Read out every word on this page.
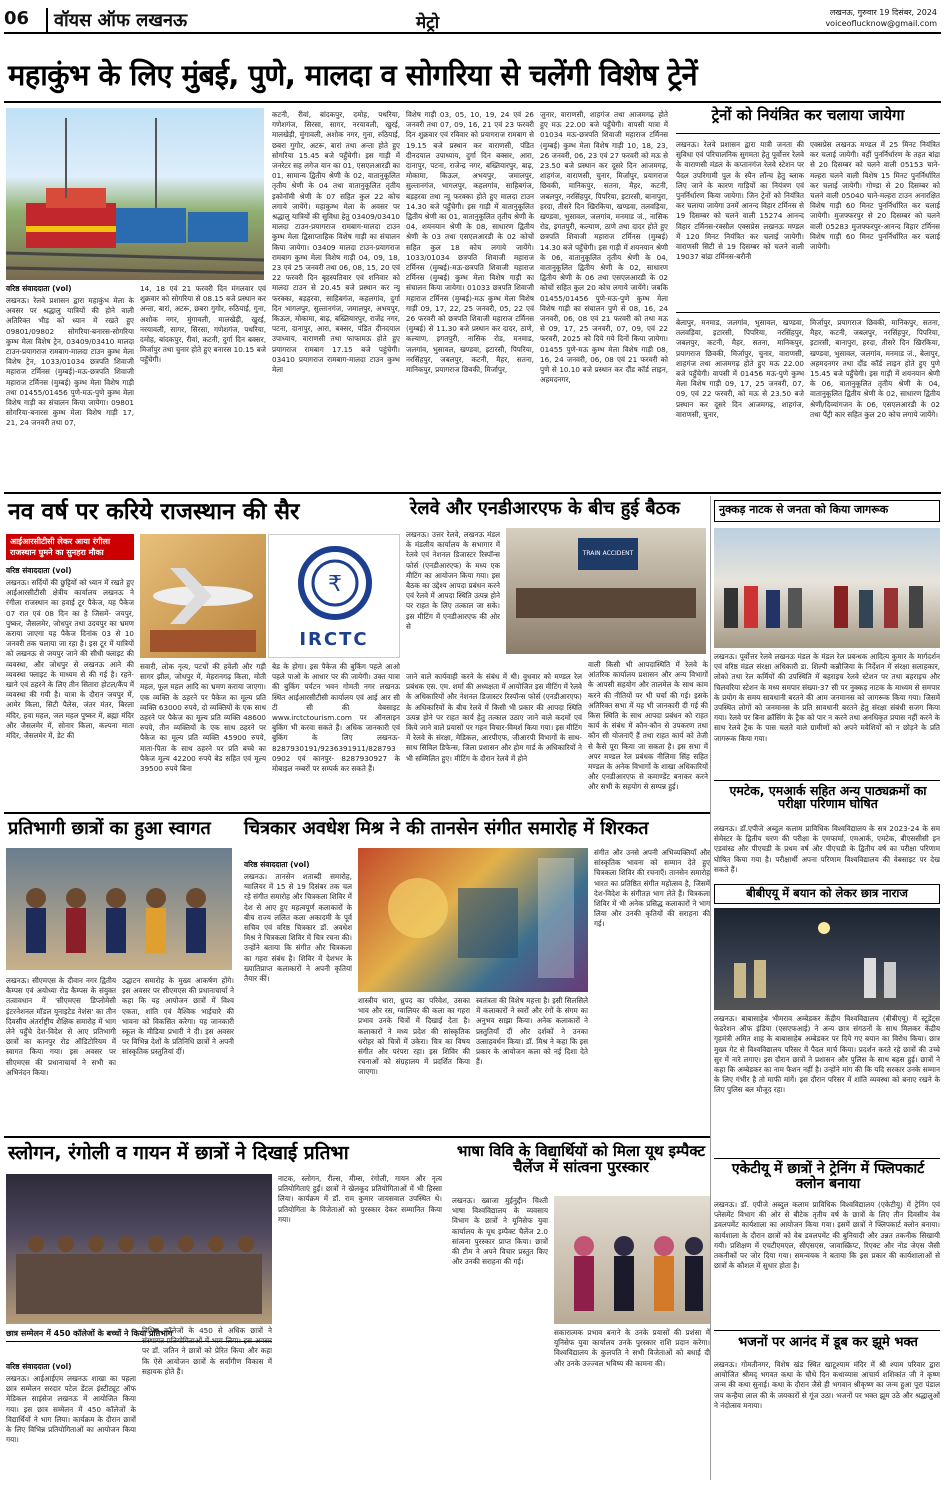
06	वॉयस ऑफ लखनऊ	मेट्रो
लखनऊ, गुरुवार 19 दिसंबर, 2024
voiceoflucknow@gmail.com
महाकुंभ के लिए मुंबई, पुणे, मालदा व सोगरिया से चलेंगी विशेष ट्रेनें
वरिष्ठ संवाददाता (vol)
लखनऊ। रेलवे प्रशासन द्वारा महाकुंभ मेला के अवसर पर श्रद्धालु यात्रियों की होने वाली अतिरिक्त भीड़ को ध्यान में रखते हुए 09801/09802 सोगरिया-बनारस-सोगरिया कुम्भ मेला विशेष ट्रेन, 03409/03410 मालदा टाउन-प्रयागराज रामबाग-मालदा टाउन कुम्भ मेला विशेष ट्रेन, 1033/01034 छत्रपति शिवाजी महाराज टर्मिनस (मुम्बई)-मऊ-छत्रपति शिवाजी महाराज टर्मिनस (मुम्बई) कुम्भ मेला विशेष गाड़ी तथा 01455/01456 पुणे-मऊ-पुणे कुम्भ मेला विशेष गाड़ी का संचालन किया जायेगा। 09801 सोगरिया-बनारस कुम्भ मेला विशेष गाड़ी 17, 21, 24 जनवरी तथा 07,
14, 18 एवं 21 फरवरी दिन मंगलवार एवं शुक्रवार को सोगरिया से 08.15 बजे प्रस्थान कर अन्ता, बारां, अटरू, छबरा गुगोर, रुठियाई, गुना, अशोक नगर, मुंगावली, मालखेड़ी, खुरई, नरयावली, सागर, सिरसा, गणेशगंज, पथरिया, दमोह, बांदकपुर, रीवां, कटनी, दुर्गा दिन बक्सर, मिर्जापुर तथा चुनार होते हुए बनारस 10.15 बजे पहुँचेगी।
कटनी, रीवां, बांदकपुर, दमोह, पथरिया, गणेशगंज, सिरसा, सागर, नरयावली, खुरई, मालखेड़ी, मुंगावली, अशोक नगर, गुना, रुठियाई, छबरा गुगोर, अटरू, बारां तथा अन्ता होते हुए सोगरिया 15.45 बजे पहुँचेगी। इस गाड़ी में जनरेटर सह लगेज यान का 01, एसएलआरडी का 01, सामान्य द्वितीय श्रेणी के 02, वातानुकूलित तृतीय श्रेणी के 04 तथा वातानुकूलित तृतीय इकोनॉमी श्रेणी के 07 सहित कुल 22 कोच लगाये जायेंगे। महाकुम्भ मेला के अवसर पर श्रद्धालु यात्रियों की सुविधा हेतु 03409/03410 मालदा टाउन-प्रयागराज रामबाग-मालदा टाउन कुम्भ मेला द्विसाप्ताहिक विशेष गाड़ी का संचालन किया जायेगा। 03409 मालदा टाउन-प्रयागराज रामबाग कुम्भ मेला विशेष गाड़ी 04, 09, 18, 23 एवं 25 जनवरी तथा 06, 08, 15, 20 एवं 22 फरवरी दिन बृहस्पतिवार एवं शनिवार को मालदा टाउन से 20.45 बजे प्रस्थान कर न्यू फरक्का, बड़हरवा, साहिबगंज, कहलगांव, दुर्गा दिन भागलपुर, सुल्तानगंज, जमालपुर, अभयपुर, किऊल, मोकामा, बाढ़, बख्तियारपुर, राजेंद्र नगर, पटना, दानापुर, आरा, बक्सर, पंडित दीनदयाल उपाध्याय, वाराणसी तथा फाफामऊ होते हुए प्रयागराज रामबाग 17.15 बजे पहुंचेगी। 03410 प्रयागराज रामबाग-मालदा टाउन कुम्भ मेला
विशेष गाड़ी 03, 05, 10, 19, 24 एवं 26 जनवरी तथा 07, 09, 16, 21 एवं 23 फरवरी दिन शुक्रवार एवं रविवार को प्रयागराज रामबाग से 19.15 बजे प्रस्थान कर वाराणसी, पंडित दीनदयाल उपाध्याय, दुर्गा दिन बक्सर, आरा, दानापुर, पटना, राजेन्द्र नगर, बख्तियारपुर, बाढ़, मोकामा, किऊल, अभयपुर, जमालपुर, सुल्तानगंज, भागलपुर, कहलगांव, साहिबगंज, बड़हरवा तथा न्यू फरक्का होते हुए मालदा टाउन 14.30 बजे पहुँचेगी। इस गाड़ी में वातानुकूलित द्वितीय श्रेणी का 01, वातानुकूलित तृतीय श्रेणी के 04, शयनयान श्रेणी के 08, साधारण द्वितीय श्रेणी के 03 तथा एसएलआरडी के 02 कोचों सहित कुल 18 कोच लगाये जायेंगे। 1033/01034 छत्रपति शिवाजी महाराज टर्मिनस (मुम्बई)-मऊ-छत्रपति शिवाजी महाराज टर्मिनस (मुम्बई) कुम्भ मेला विशेष गाड़ी का संचालन किया जायेगा। 01033 छत्रपति शिवाजी महाराज टर्मिनस (मुम्बई)-मऊ कुम्भ मेला विशेष गाड़ी 09, 17, 22, 25 जनवरी, 05, 22 एवं 26 फरवरी को छत्रपति शिवाजी महाराज टर्मिनस (मुम्बई) से 11.30 बजे प्रस्थान कर दादर, ठाणे, कल्याण, इगतपुरी, नासिक रोड, मनमाड, जलगांव, भुसावल, खण्डवा, इटारसी, पिपरिया, नरसिंहपुर, जबलपुर, कटनी, मैहर, सतना, मानिकपुर, प्रयागराज छिवकी, मिर्जापुर,
जुनार, वाराणसी, शाहगंज तथा आजमगढ़ होते हुए मऊ 22.00 बजे पहुँचेगी। वापसी यात्रा में 01034 मऊ-छत्रपति शिवाजी महाराज टर्मिनस (मुम्बई) कुम्भ मेला विशेष गाड़ी 10, 18, 23, 26 जनवरी, 06, 23 एवं 27 फरवरी को मऊ से 23.50 बजे प्रस्थान कर दूसरे दिन आजमगढ़, शाहगंज, वाराणसी, चुनार, मिर्जापुर, प्रयागराज छिवकी, मानिकपुर, सतना, मैहर, कटनी, जबलपुर, नरसिंहपुर, पिपरिया, इटारसी, बानापुरा, हरदा, तीसरे दिन खिरकिया, खण्डवा, तलवड़िया, खण्डवा, भुसावल, जलगांव, मनमाड जं., नासिक रोड, इगतपुरी, कल्याण, ठाणे तथा दादर होते हुए छत्रपति शिवाजी महाराज टर्मिनस (मुम्बई) 14.30 बजे पहुँचेगी। इस गाड़ी में शयनयान श्रेणी के 06, वातानुकूलित तृतीय श्रेणी के 04, वातानुकूलित द्वितीय श्रेणी के 02, साधारण द्वितीय श्रेणी के 06 तथा एसएलआरडी के 02 कोचों सहित कुल 20 कोच लगाये जायेंगे। जबकि 01455/01456 पुणे-मऊ-पुणे कुम्भ मेला विशेष गाड़ी का संचालन पुणे से 08, 16, 24 जनवरी, 06, 08 एवं 21 फरवरी को तथा मऊ से 09, 17, 25 जनवरी, 07, 09, एवं 22 फरवरी, 2025 को दिये गये दिनों किया जायेगा। 01455 पुणे-मऊ कुम्भ मेला विशेष गाड़ी 08, 16, 24 जनवरी, 06, 08 एवं 21 फरवरी को पुणे से 10.10 बजे प्रस्थान कर दौंड कॉर्ड लाइन, अहमदनगर,
ट्रेनों को नियंत्रित कर चलाया जायेगा
लखनऊ। रेलवे प्रशासन द्वारा यात्री जनता की सुविधा एवं परिचालनिक सुगमता हेतु पूर्वोत्तर रेलवे के वाराणसी मंडल के कप्तानगंज रेलवे स्टेशन पर पैदल उपरिगामी पुल के स्पैन लॉन्च हेतु ब्लाक लिए जाने के कारण गाड़ियों का नियंत्रण एवं पुनर्निर्धारण किया जायेगा। जिन ट्रेनों को नियंत्रित कर चलाया जायेगा उनमें आनन्द विहार टर्मिनस से 19 दिसम्बर को चलने वाली 15274 आनन्द विहार टर्मिनस-रक्सौल एक्सप्रेस लखनऊ मण्डल में 120 मिनट नियंत्रित कर चलाई जायेगी। वाराणसी सिटी से 19 दिसम्बर को चलने वाली 19037 बांद्रा टर्मिनस-बरौनी
एक्सप्रेस लखनऊ मण्डल में 25 मिनट नियंत्रित कर चलाई जायेगी। वहीं पुनर्निर्धारण के तहत बांद्रा से 20 दिसम्बर को चलने वाली 05153 चाने-मल्हरा चलने वाली विशेष 15 मिनट पुनर्निर्धारित कर चलाई जायेगी। गोण्डा से 20 दिसम्बर को चलने वाली 05040 चाने-मल्हरा टाउन अनारक्षित विशेष गाड़ी 60 मिनट पुनर्निर्धारित कर चलाई जायेगी। मुजफ्फरपुर से 20 दिसम्बर को चलने वाली 05283 मुजफ्फरपुर-आनन्द विहार टर्मिनस विशेष गाड़ी 60 मिनट पुनर्निर्धारित कर चलाई जायेगी।
बेलापुर, मनमाड, जलगांव, भुसावल, खण्डवा, तलवड़िया, इटारसी, पिपरिया, नरसिंहपुर, जबलपुर, कटनी, मैहर, सतना, मानिकपुर, प्रयागराज छिवकी, मिर्जापुर, चुनार, वाराणसी, शाहगंज तथा आजमगढ़ होते हुए मऊ 22.00 बजे पहुँचेगी। वापसी में 01456 मऊ-पुणे कुम्भ मेला विशेष गाड़ी 09, 17, 25 जनवरी, 07, 09, एवं 22 फरवरी, को मऊ से 23.50 बजे प्रस्थान कर दूसरे दिन आजमगढ़, शाहगंज, वाराणसी, चुनार,
मिर्जापुर, प्रयागराज छिवकी, मानिकपुर, सतना, मैहर, कटनी, जबलपुर, नरसिंहपुर, पिपरिया, इटारसी, बानापुरा, हरदा, तीसरे दिन खिरकिया, खण्डवा, भुसावल, जलगांव, मनमाड जं., बेलापुर, अहमदनगर तथा दौंड कॉर्ड लाइन होते हुए पुणे 15.45 बजे पहुँचेगी। इस गाड़ी में शयनयान श्रेणी के 06, वातानुकूलित तृतीय श्रेणी के 04, वातानुकूलित द्वितीय श्रेणी के 02, साधारण द्वितीय श्रेणी/दिव्यांगजन के 06, एसएलआरडी के 02 तथा पैंट्री कार सहित कुल 20 कोच लगाये जायेंगे।
नव वर्ष पर करिये राजस्थान की सैर
आईआरसीटीसी लेकर आया रंगीला राजस्थान घुमने का सुनहरा मौका
वरिष्ठ संवाददाता (vol)
लखनऊ। सर्दियों की छुट्टियों को ध्यान में रखते हुए आईआरसीटीसी क्षेत्रीय कार्यालय लखनऊ ने रंगीला राजस्थान का हवाई टूर पैकेज, यह पैकेज 07 रात एवं 08 दिन का है जिसमें- जयपुर, पुष्कर, जैसलमेर, जोधपुर तथा उदयपुर का भ्रमण कराया जाएगा यह पैकेज दिनांक 03 से 10 जनवरी तक चलाया जा रहा है। इस टूर में यात्रियों को लखनऊ से जयपुर जाने की सीधी फ्लाइट की व्यवस्था, और जोधपुर से लखनऊ आने की व्यवस्था फ्लाइट के माध्यम से की गई है। रहने-खाने एवं ठहरने के लिए तीन सितारा होटल/कैंप में व्यवस्था की गयी है। यात्रा के दौरान जयपुर में, आमेर किला, सिटी पैलेस, जंतर मंतर, बिरला मंदिर, हवा महल, जल महल पुष्कर में, ब्रह्मा मंदिर और जैसलमेर में, सोनार किला, कल्पना माता मंदिर, जैसलमेर में, डेट की
₹
IRCTC
सवारी, लोक नृत्य, पटचों की हवेली और गड़ी सागर झील, जोधपुर में, मेहरानगढ़ किला, मोती महल, फूल महल आदि का भ्रमण कराया जाएगा। एक व्यक्ति के ठहरने पर पैकेज का मूल्य प्रति व्यक्ति 63000 रुपये, दो व्यक्तियों के एक साथ ठहरने पर पैकेज का मूल्य प्रति व्यक्ति 48600 रुपये, तीन व्यक्तियों के एक साथ ठहरने पर पैकेज का मूल्य प्रति व्यक्ति 45900 रुपये, माता-पिता के साथ ठहरने पर प्रति बच्चे का पैकेज मूल्य 42200 रुपये बेड सहित एवं मूल्य 39500 रुपये बिना
बेड के होगा। इस पैकेज की बुकिंग पहले आओ पहले पाओ के आधार पर की जायेगी। उक्त यात्रा की बुकिंग पर्यटन भवन गोमती नगर लखनऊ स्थित आईआरसीटीसी कार्यालय एवं आई आर सी टी सी की वेबसाइट www.irctctourism.com पर ऑनलाइन बुकिंग भी करवा सकते हैं। अधिक जानकारी एवं बुकिंग के लिए लखनऊ- 8287930191/9236391911/828793 0902 एवं कानपुर- 8287930927 के मोबाइल नम्बरों पर सम्पर्क कर सकते हैं।
रेलवे और एनडीआरएफ के बीच हुई बैठक
लखनऊ। उत्तर रेलवे, लखनऊ मंडल के मंडलीय कार्यालय के सभागार में रेलवे एवं नेशनल डिजास्टर रिस्पॉन्स फोर्स (एनडीआरएफ) के मध्य एक मीटिंग का आयोजन किया गया। इस बैठक का उद्देश्य आपदा प्रबंधन करने एवं रेलवे में आपदा स्थिति उत्पन्न होने पर राहत के लिए तत्काल जा सके। इस मीटिंग में एनडीआरएफ की ओर से
TRAIN ACCIDENT
जाने वाले कार्यवाही करने के संबंध में थी। वुधवार को मण्डल रेल प्रबंधक एस. एम. शर्मा की अध्यक्षता में आयोजित इस मीटिंग में रेलवे के अधिकारियों और नेशनल डिजास्टर रिस्पॉन्स फोर्स (एनडीआरएफ) के अधिकारियों के बीच रेलवे में किसी भी प्रकार की आपदा स्थिति उत्पन्न होने पर राहत कार्य हेतु तत्काल उठाए जाने वाले कदमों एवं किये जाने वाले प्रयासों पर गहन विचार-विमर्श किया गया। इस मीटिंग में रेलवे के संरक्षा, मेडिकल, आरपीएफ, जीआरपी विभागों के साथ-साथ सिविल डिफेन्स, जिला प्रशासन और होम गार्ड के अधिकारियों ने भी सम्मिलित हुए। मीटिंग के दौरान रेलवे में होने
वाली किसी भी आपदास्थिति में रेलवे के आंतरिक कार्यालय प्रशासन और अन्य विभागों के आपसी सहयोग और तालमेल के साथ काम करने की नीतियों पर भी चर्चा की गई। इसके अतिरिक्त सभा में यह भी जानकारी दी गई की किस स्थिति के साथ आपदा प्रबंधन को राहत कार्य के संबंध में कौन-कौन से उपकरण तथा कौन सी योजनाएँ हैं तथा राहत कार्य को तेजी से कैसे पूरा किया जा सकता है। इस सभा में अपर मण्डल रेल प्रबंधक नीलिमा सिंह सहित मण्डल के अनेक विभागों के शाखा अधिकारियों और एनडीआरएफ से कमाण्डेंट बनाकर करने और सभी के सहयोग से सम्पन्न हुई।
नुक्कड़ नाटक से जनता को किया जागरूक
लखनऊ। पूर्वोत्तर रेलवे लखनऊ मंडल के मंडल रेल प्रबन्धक आदित्य कुमार के मार्गदर्शन एवं वरिष्ठ मंडल संरक्षा अधिकारी डा. शिल्पी कन्नौजिया के निर्देशन में संरक्षा सलाहकार, लोको तथा रेल कर्मियों की उपस्थिति में बहराइच रेलवे स्टेशन पर तथा बहराइच और चिलवरिया स्टेशन के मध्य समपार संख्या-37 सी पर नुक्कड़ नाटक के माध्यम से समपार के प्रयोग के समय सावधानी बरतने की आम जनमानस को जागरूक किया गया। जिसमें उपस्थित लोगों को जनमानस के प्रति सावधानी बरतने हेतु संरक्षा संबंधी सजग किया गया। रेलवे पर बिना क्रॉसिंग के ट्रैक को पार न करने तथा अनधिकृत प्रयास नहीं करने के साथ रेलवे ट्रैक के पास चलते वाले ग्रामीणों को अपने मवेशियों को न छोड़ने के प्रति जागरूक किया गया।
एमटेक, एमआर्क सहित अन्य पाठ्यक्रमों का परीक्षा परिणाम घोषित
लखनऊ। डॉ.एपीजे अब्दुल कलाम प्राविधिक विश्वविद्यालय के सत्र 2023-24 के सम सेमेस्टर के द्वितीय चरण की परीक्षा के एमफार्मा, एमआर्क, एमटेक, बीएससीसी इन एडवांस्ड और पीएचडी के प्रथम वर्ष और पीएचडी के द्वितीय वर्ष का परीक्षा परिणाम घोषित किया गया है। परीक्षार्थी अपना परिणाम विश्वविद्यालय की वेबसाइट पर देख सकते हैं।
बीबीएयू में बयान को लेकर छात्र नाराज
लखनऊ। बाबासाहेब भीमराव अम्बेडकर केंद्रीय विश्वविद्यालय (बीबीएयू) में स्टूडेंट्स फेडरेशन ऑफ इंडिया (एसएफआई) ने अन्य छात्र संगठनों के साथ मिलकर केंद्रीय गृहमंत्री अमित शाह के बाबासाहेब अम्बेडकर पर दिये गए बयान का विरोध किया। छात्र मुख्य गेट से विश्वविद्यालय परिसर में पैदल मार्च किया। प्रदर्शन करते रहे छात्रों की उच्चे सुर में नारे लगाए। इस दौरान छात्रों ने प्रशासन और पुलिस के साथ बहस हुई। छात्रों ने कहा कि अम्बेडकर का नाम फैशन नहीं है। उन्होंने मांग की कि यदि सरकार उनके सम्मान के लिए गंभीर है तो माफी मांगें। इस दौरान परिसर में शांति व्यवस्था को बनाए रखने के लिए पुलिस बल मौजूद रहा।
एकेटीयू में छात्रों ने ट्रेनिंग में फ्लिपकार्ट क्लोन बनाया
लखनऊ। डॉ. एपीजे अब्दुल कलाम प्राविधिक विश्वविद्यालय (एकेटीयू) में ट्रेनिंग एवं प्लेसमेंट विभाग की ओर से बीटेक तृतीय वर्ष के छात्रों के लिए तीन दिवसीय वेब डवलपमेंट कार्यशाला का आयोजन किया गया। इसमें छात्रों ने फ्लिपकार्ट क्लोन बनाया। कार्यशाला के दौरान छात्रों को वेब डवलपमेंट की बुनियादी और उन्नत तकनीक सिखायी गयी। प्रशिक्षण में एचटीएमएल, सीएसएस, जावास्क्रिप्ट, रिएक्ट और नोड जेएस जैसी तकनीकों पर जोर दिया गया। समन्वयक ने बताया कि इस प्रकार की कार्यशालाओं से छात्रों के कौशल में सुधार होता है।
भजनों पर आनंद में डूब कर झूमे भक्त
लखनऊ। गोमतीनगर, विशेष खंड स्थित खाटूश्याम मंदिर में श्री श्याम परिवार द्वारा आयोजित श्रीमद् भगवत कथा के चौथे दिन कथाव्यास आचार्य शशिकांत जी ने कृष्ण जन्म की कथा सुनाई। कथा के दौरान जैसे ही भगवान श्रीकृष्ण का जन्म हुआ पूरा पंडाल जय कन्हैया लाल की के जयकारों से गूंज उठा। भजनों पर भक्त झूम उठे और श्रद्धालुओं ने नंदोत्सव मनाया।
प्रतिभागी छात्रों का हुआ स्वागत
लखनऊ। सीएमएस के दीवान नगर द्वितीय कैम्पस एवं अयोध्या रोड कैम्पस के संयुक्त तत्वावधान में 'सीएमएस डिप्लोमेसी इंटरनेशनल मॉडल यूनाइटेड नेशंस' का तीन दिवसीय अंतर्राष्ट्रीय शैक्षिक समारोह में भाग लेने पहुँचे देश-विदेश से आए प्रतिभागी छात्रों का कानपुर रोड ऑडिटोरियम में स्वागत किया गया। इस अवसर पर सीएमएस की प्रधानाचार्या ने सभी का अभिनंदन किया।
उद्घाटन समारोह के मुख्य आकर्षण होंगे। इस अवसर पर सीएमएस की प्रधानाचार्या ने कहा कि यह आयोजन छात्रों में विश्व एकता, शांति एवं वैश्विक भाईचारे की भावना को विकसित करेगा। यह जानकारी स्कूल के मीडिया प्रभारी ने दी। इस अवसर पर विभिन्न देशों के प्रतिनिधि छात्रों ने अपनी सांस्कृतिक प्रस्तुतियां दीं।
चित्रकार अवधेश मिश्र ने की तानसेन संगीत समारोह में शिरकत
वरिष्ठ संवाददाता (vol)
लखनऊ। तानसेन शताब्दी समारोह, ग्वालियर में 15 से 19 दिसंबर तक चल रहे संगीत समारोह और चित्रकला शिविर में देश से आए हुए महत्वपूर्ण कलाकारों के बीच राज्य ललित कला अकादमी के पूर्व सचिव एवं वरिष्ठ चित्रकार डॉ. अवधेश मिश्र ने चित्रकला शिविर में चित्र रचना की। उन्होंने बताया कि संगीत और चित्रकला का गहरा संबंध है। शिविर में देशभर के ख्यातिप्राप्त कलाकारों ने अपनी कृतियां तैयार कीं।
शास्त्रीय धारा, ध्रुपद का परिवेश, उसका भाव और रस, ग्वालियर की कला का गहरा प्रभाव उनके चित्रों में दिखाई देता है। कलाकारों ने मध्य प्रदेश की सांस्कृतिक धरोहर को चित्रों में उकेरा। चित्र का विषय संगीत और परंपरा रहा। इस शिविर की रचनाओं को संग्रहालय में प्रदर्शित किया जाएगा।
स्वतंत्रता की विशेष महत्ता है। इसी सिलसिले में कलाकारों ने स्वरों और रंगों के संगम का अनुभव साझा किया। अनेक कलाकारों ने प्रस्तुतियाँ दीं और दर्शकों ने उनका उत्साहवर्धन किया। डॉ. मिश्र ने कहा कि इस प्रकार के आयोजन कला को नई दिशा देते हैं।
संगीत और उनसे अपनी अभिव्यक्तियाँ और सांस्कृतिक भावना को सम्मान देते हुए चित्रकला शिविर की रचनाएँ। तानसेन समारोह भारत का प्रतिष्ठित संगीत महोत्सव है, जिसमें देश-विदेश के संगीतज्ञ भाग लेते हैं। चित्रकला शिविर में भी अनेक प्रसिद्ध कलाकारों ने भाग लिया और उनकी कृतियों की सराहना की गई।
स्लोगन, रंगोली व गायन में छात्रों ने दिखाई प्रतिभा
छात्र सम्मेलन में 450 कॉलेजों के बच्चों ने किया प्रतिभाग
वरिष्ठ संवाददाता (vol)
लखनऊ। आईआईएम लखनऊ शाखा का पहला छात्र सम्मेलन सरदार पटेल डेंटल इंस्टीट्यूट ऑफ मेडिकल साइंसेज लखनऊ में आयोजित किया गया। इस छात्र सम्मेलन में 450 कॉलेजों के विद्यार्थियों ने भाग लिया। कार्यक्रम के दौरान छात्रों के लिए विभिन्न प्रतियोगिताओं का आयोजन किया गया।
विभिन्न कॉलेजों के 450 से अधिक छात्रों ने संस्थागत प्रतियोगिताओं में भाग लिया। इस अवसर पर डॉ. जतिन ने छात्रों को प्रेरित किया और कहा कि ऐसे आयोजन छात्रों के सर्वांगीण विकास में सहायक होते हैं।
नाटक, स्लोगन, रील्स, मीम्स, रंगोली, गायन और नृत्य प्रतियोगिताएं हुईं। छात्रों ने खेलकूद प्रतियोगिताओं में भी हिस्सा लिया। कार्यक्रम में डॉ. राम कुमार जायसवाल उपस्थित थे। प्रतियोगिता के विजेताओं को पुरस्कार देकर सम्मानित किया गया।
भाषा विवि के विद्यार्थियों को मिला यूथ इम्पैक्ट चैलेंज में सांत्वना पुरस्कार
लखनऊ। ख्वाजा मुईनुद्दीन चिश्ती भाषा विश्वविद्यालय के व्यवसाय विभाग के छात्रों ने यूनिसेफ युवा कार्यालय के यूथ इम्पैक्ट चैलेंज 2.0 सांत्वना पुरस्कार प्राप्त किया। छात्रों की टीम ने अपने विचार प्रस्तुत किए और उनकी सराहना की गई।
सकारात्मक प्रभाव बनाने के उनके प्रयासों की प्रशंसा में यूनिसेफ युवा कार्यालय उनके पुरस्कार राशि प्रदान करेगा। विश्वविद्यालय के कुलपति ने सभी विजेताओं को बधाई दी और उनके उज्ज्वल भविष्य की कामना की।
